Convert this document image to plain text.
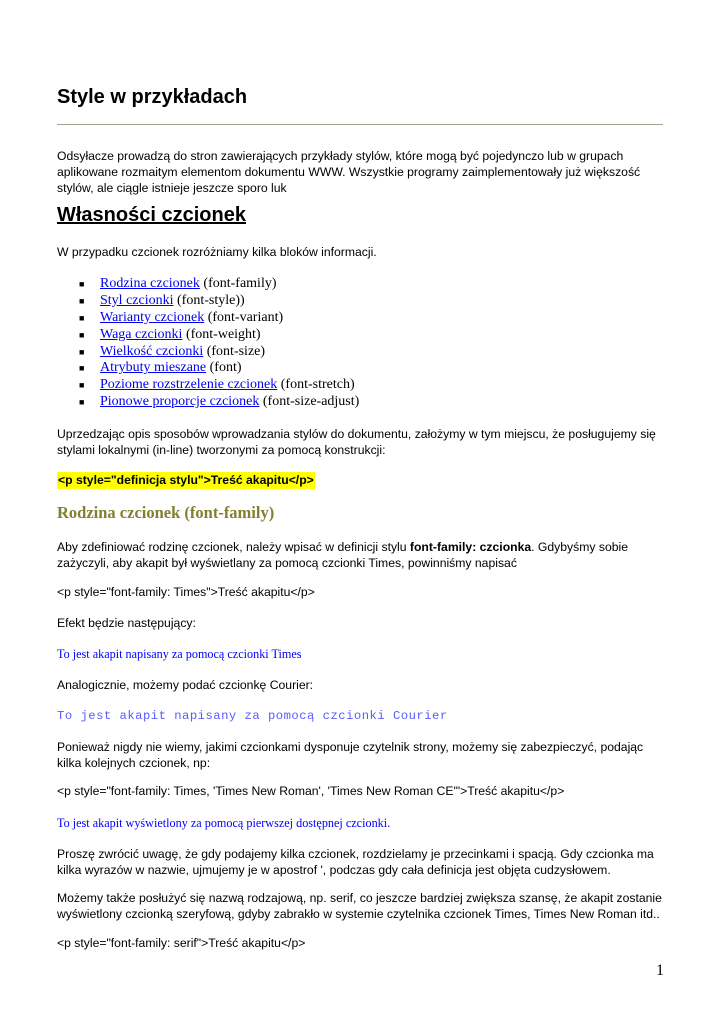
Style w przykładach

Odsyłacze prowadzą do stron zawierających przykłady stylów, które mogą być pojedynczo lub w grupach aplikowane rozmaitym elementom dokumentu WWW. Wszystkie programy zaimplementowały już większość stylów, ale ciągle istnieje jeszcze sporo luk

Własności czcionek

W przypadku czcionek rozróżniamy kilka bloków informacji.

■ Rodzina czcionek (font-family)
■ Styl czcionki (font-style))
■ Warianty czcionek (font-variant)
■ Waga czcionki (font-weight)
■ Wielkość czcionki (font-size)
■ Atrybuty mieszane (font)
■ Poziome rozstrzelenie czcionek (font-stretch)
■ Pionowe proporcje czcionek (font-size-adjust)

Uprzedzając opis sposobów wprowadzania stylów do dokumentu, założymy w tym miejscu, że posługujemy się stylami lokalnymi (in-line) tworzonymi za pomocą konstrukcji:

<p style="definicja stylu">Treść akapitu</p>
Rodzina czcionek (font-family)

Aby zdefiniować rodzinę czcionek, należy wpisać w definicji stylu font-family: czcionka. Gdybyśmy sobie zażyczyli, aby akapit był wyświetlany za pomocą czcionki Times, powinniśmy napisać

<p style="font-family: Times">Treść akapitu</p>

Efekt będzie następujący:

To jest akapit napisany za pomocą czcionki Times

Analogicznie, możemy podać czcionkę Courier:

To jest akapit napisany za pomocą czcionki Courier

Ponieważ nigdy nie wiemy, jakimi czcionkami dysponuje czytelnik strony, możemy się zabezpieczyć, podając kilka kolejnych czcionek, np:

<p style="font-family: Times, 'Times New Roman', 'Times New Roman CE'">Treść akapitu</p>

To jest akapit wyświetlony za pomocą pierwszej dostępnej czcionki.

Proszę zwrócić uwagę, że gdy podajemy kilka czcionek, rozdzielamy je przecinkami i spacją. Gdy czcionka ma kilka wyrazów w nazwie, ujmujemy je w apostrof ', podczas gdy cała definicja jest objęta cudzysłowem.

Możemy także posłużyć się nazwą rodzajową, np. serif, co jeszcze bardziej zwiększa szansę, że akapit zostanie wyświetlony czcionką szeryfową, gdyby zabrakło w systemie czytelnika czcionek Times, Times New Roman itd..

<p style="font-family: serif">Treść akapitu</p>

1
